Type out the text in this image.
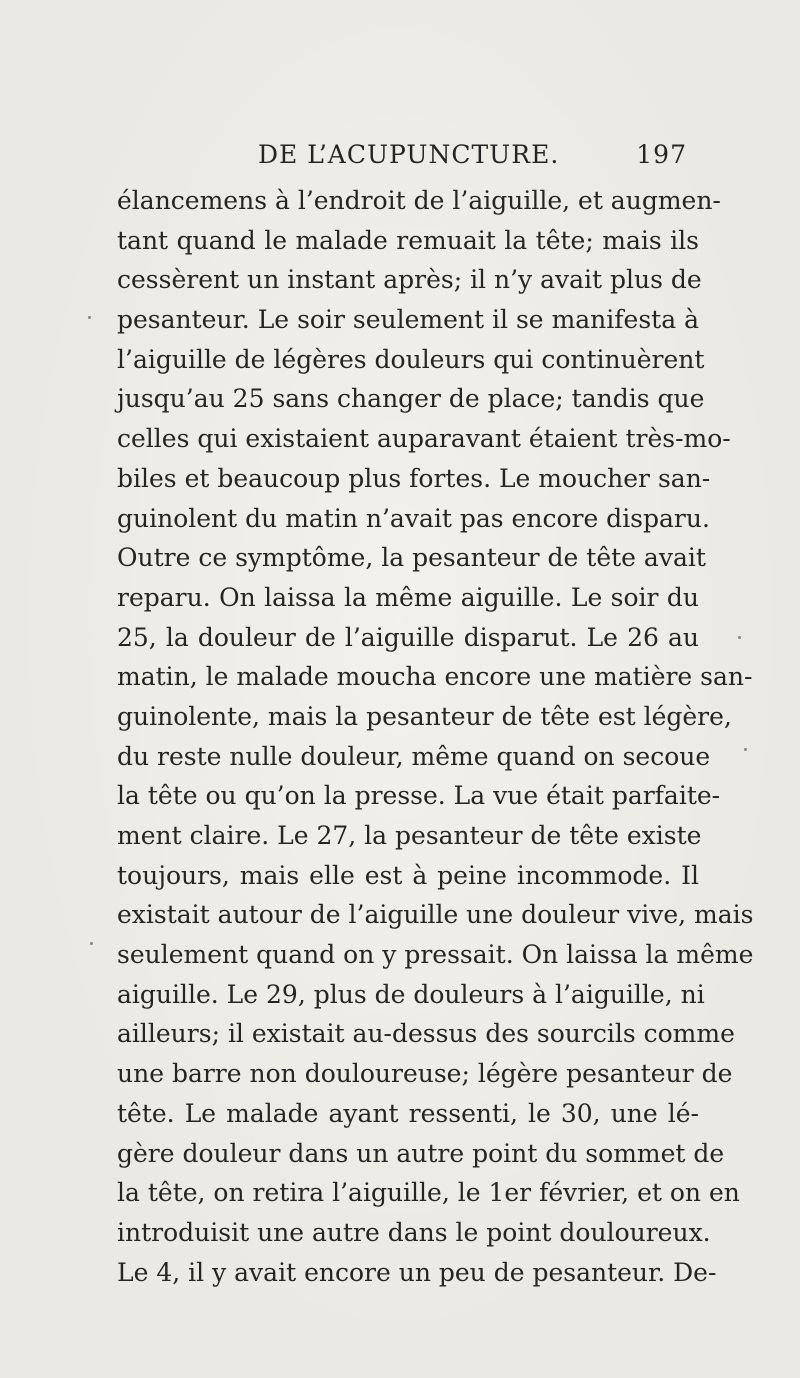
DE L’ACUPUNCTURE.	197
élancemens à l’endroit de l’aiguille, et augmen-
tant quand le malade remuait la tête; mais ils
cessèrent un instant après; il n’y avait plus de
pesanteur. Le soir seulement il se manifesta à
l’aiguille de légères douleurs qui continuèrent
jusqu’au 25 sans changer de place; tandis que
celles qui existaient auparavant étaient très-mo-
biles et beaucoup plus fortes. Le moucher san-
guinolent du matin n’avait pas encore disparu.
Outre ce symptôme, la pesanteur de tête avait
reparu. On laissa la même aiguille. Le soir du
25, la douleur de l’aiguille disparut. Le 26 au
matin, le malade moucha encore une matière san-
guinolente, mais la pesanteur de tête est légère,
du reste nulle douleur, même quand on secoue
la tête ou qu’on la presse. La vue était parfaite-
ment claire. Le 27, la pesanteur de tête existe
toujours, mais elle est à peine incommode. Il
existait autour de l’aiguille une douleur vive, mais
seulement quand on y pressait. On laissa la même
aiguille. Le 29, plus de douleurs à l’aiguille, ni
ailleurs; il existait au-dessus des sourcils comme
une barre non douloureuse; légère pesanteur de
tête. Le malade ayant ressenti, le 30, une lé-
gère douleur dans un autre point du sommet de
la tête, on retira l’aiguille, le 1er février, et on en
introduisit une autre dans le point douloureux.
Le 4, il y avait encore un peu de pesanteur. De-
